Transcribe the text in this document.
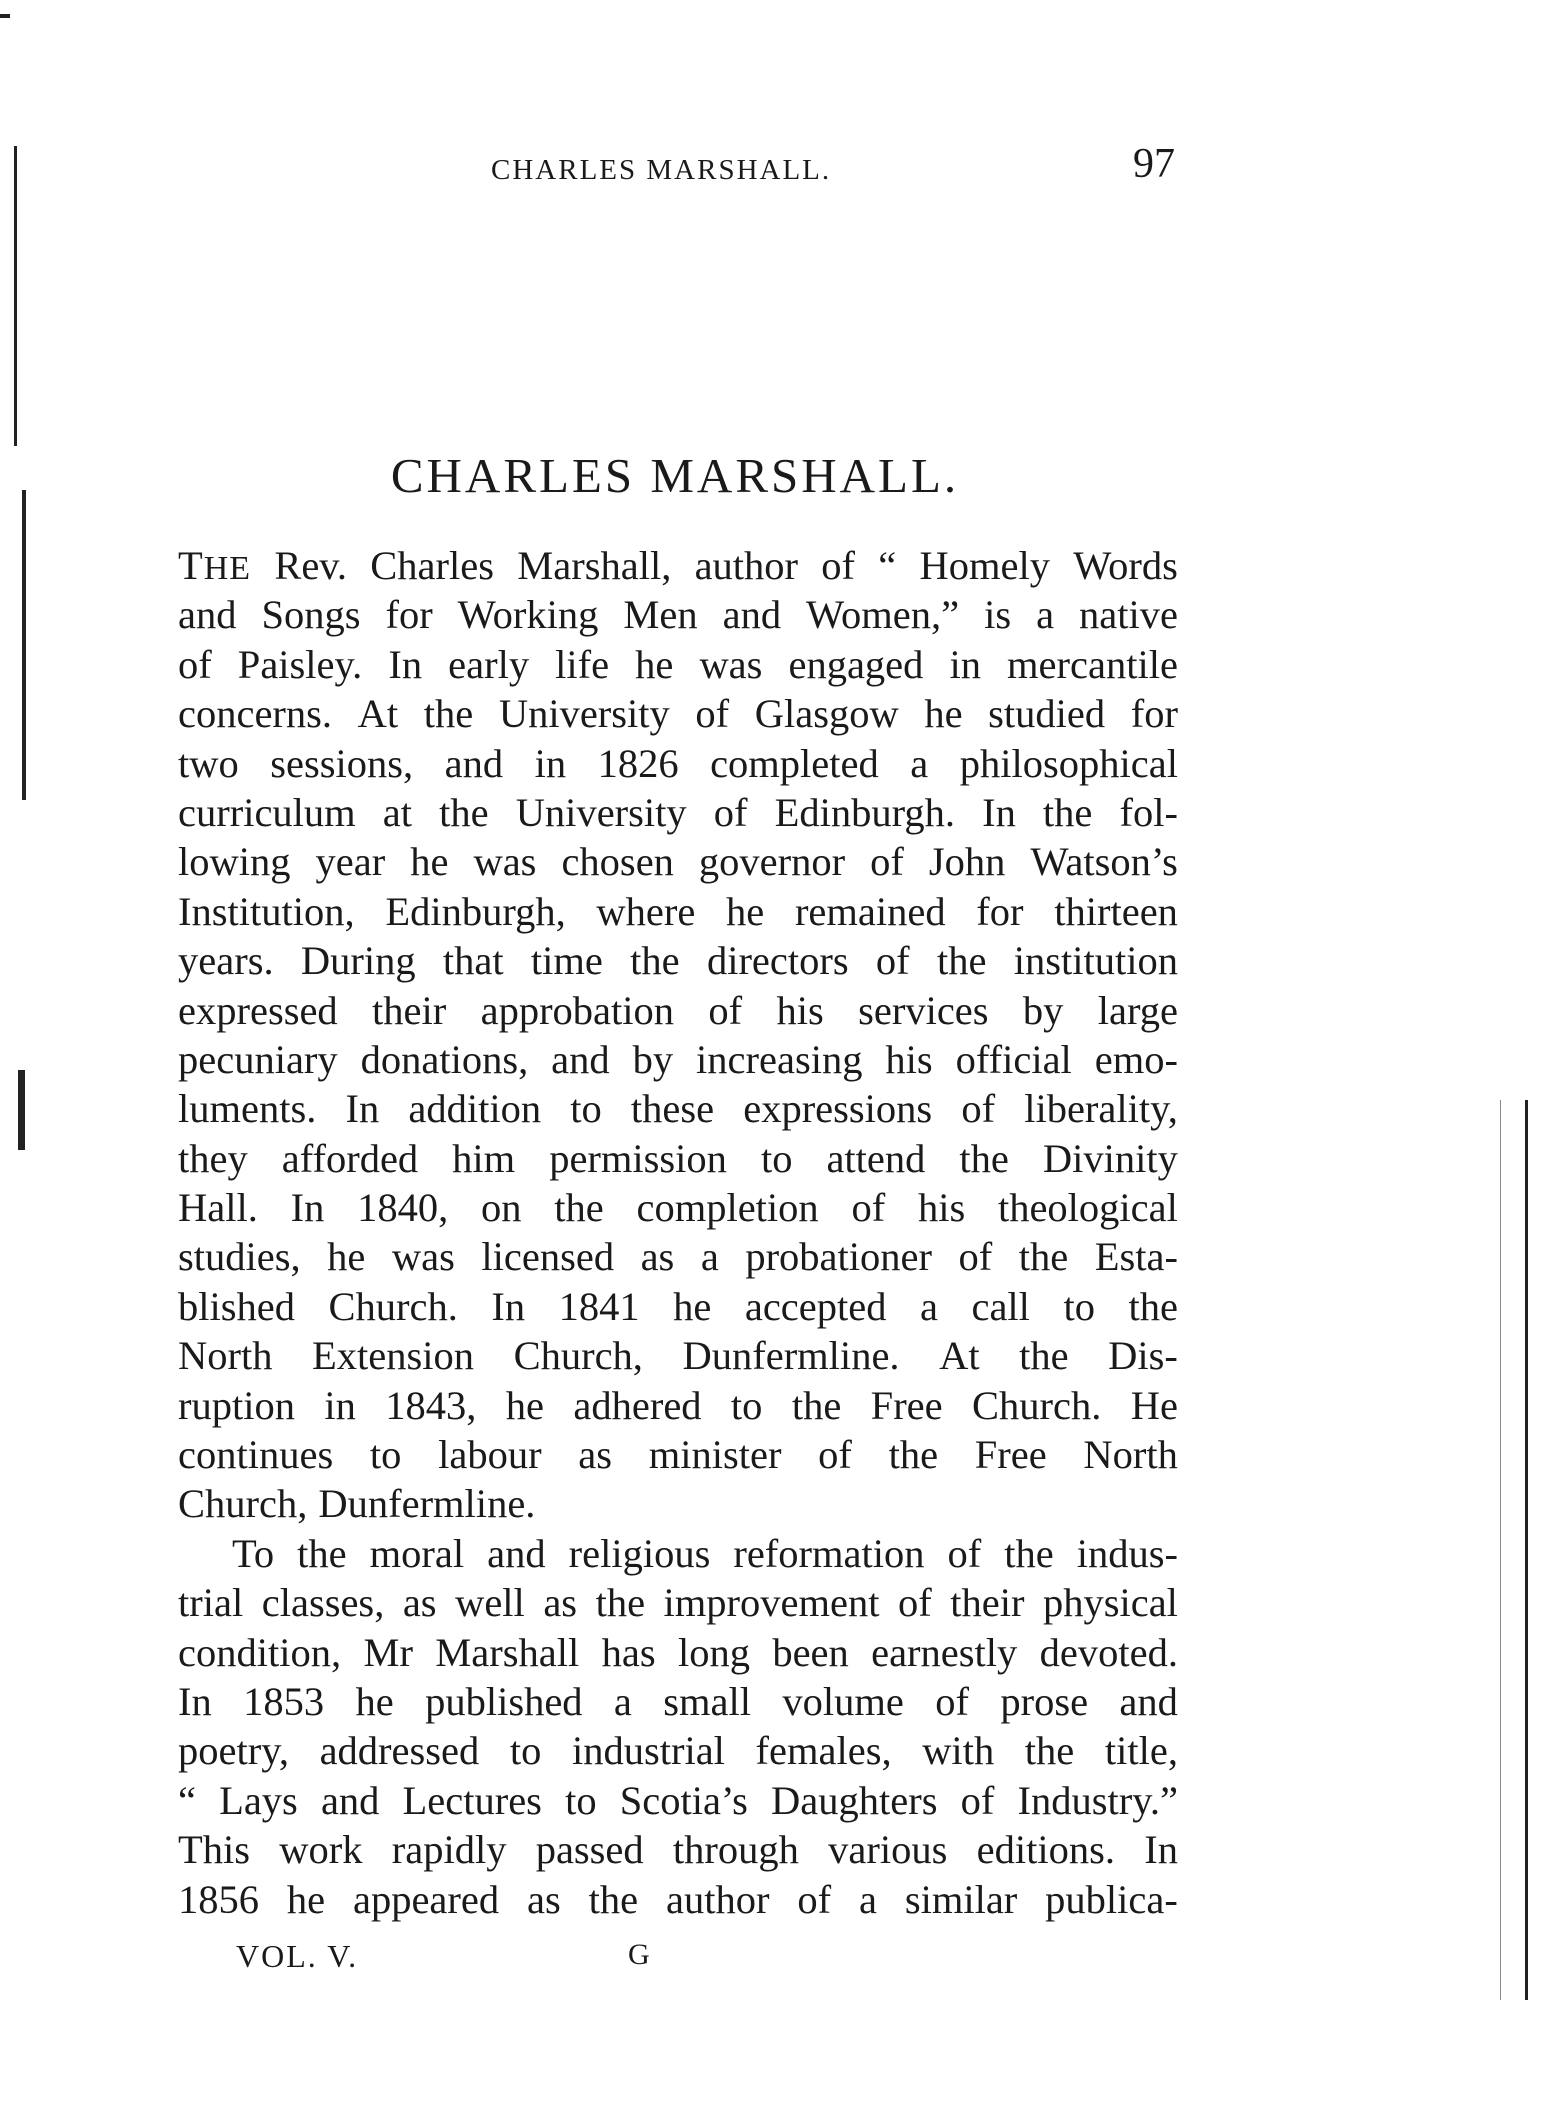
CHARLES MARSHALL.	97
CHARLES MARSHALL.
THE Rev. Charles Marshall, author of “ Homely Words
and Songs for Working Men and Women,” is a native
of Paisley. In early life he was engaged in mercantile
concerns. At the University of Glasgow he studied for
two sessions, and in 1826 completed a philosophical
curriculum at the University of Edinburgh. In the fol-
lowing year he was chosen governor of John Watson’s
Institution, Edinburgh, where he remained for thirteen
years. During that time the directors of the institution
expressed their approbation of his services by large
pecuniary donations, and by increasing his official emo-
luments. In addition to these expressions of liberality,
they afforded him permission to attend the Divinity
Hall. In 1840, on the completion of his theological
studies, he was licensed as a probationer of the Esta-
blished Church. In 1841 he accepted a call to the
North Extension Church, Dunfermline. At the Dis-
ruption in 1843, he adhered to the Free Church. He
continues to labour as minister of the Free North
Church, Dunfermline.
To the moral and religious reformation of the indus-
trial classes, as well as the improvement of their physical
condition, Mr Marshall has long been earnestly devoted.
In 1853 he published a small volume of prose and
poetry, addressed to industrial females, with the title,
“ Lays and Lectures to Scotia’s Daughters of Industry.”
This work rapidly passed through various editions. In
1856 he appeared as the author of a similar publica-
VOL. V.	G
